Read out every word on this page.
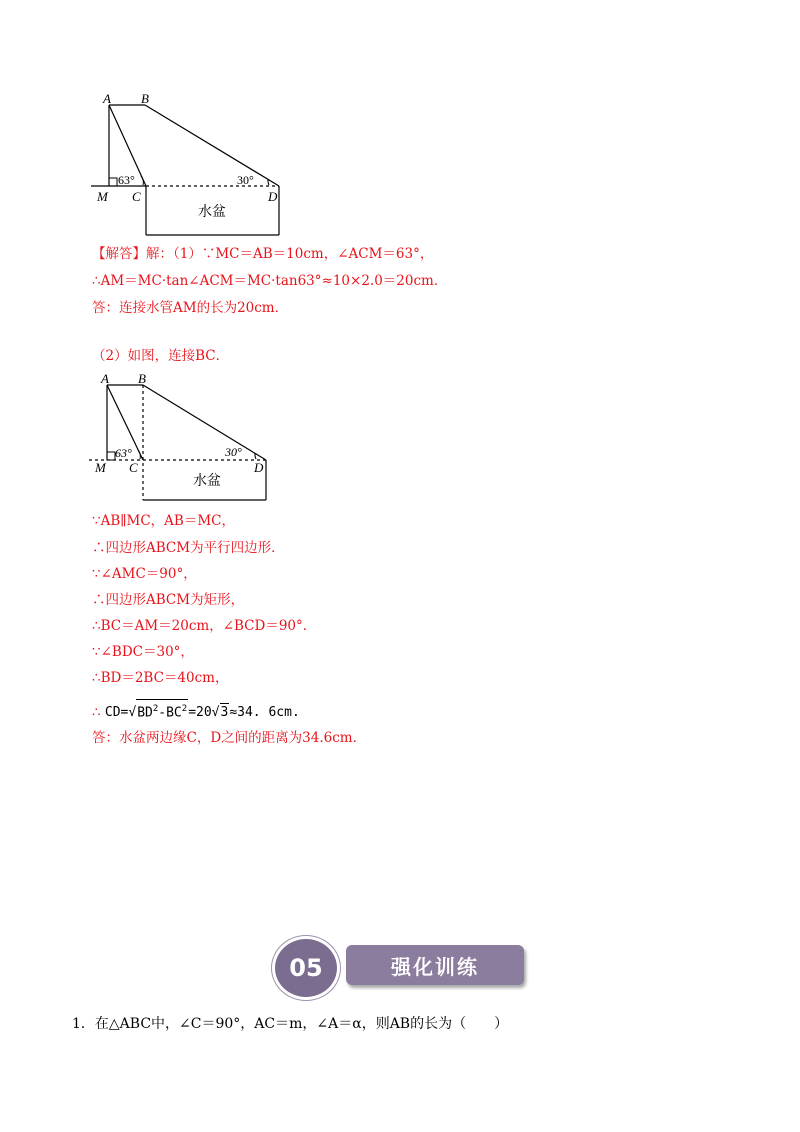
A B
M C	D
63°	30°
水盆
【解答】解：（1）∵MC＝AB＝10cm，∠ACM＝63°，
∴AM＝MC·tan∠ACM＝MC·tan63°≈10×2.0＝20cm．
答：连接水管AM的长为20cm．
（2）如图，连接BC．
A B
M C	D
63°	30°
水盆
∵AB∥MC，AB＝MC，
∴四边形ABCM为平行四边形．
∵∠AMC＝90°，
∴四边形ABCM为矩形，
∴BC＝AM＝20cm，∠BCD＝90°．
∵∠BDC＝30°，
∴BD＝2BC＝40cm，
∴ $CD=√BD^2-BC^2=20√3\approx 34$. 6cm.
答：水盆两边缘C，D之间的距离为34.6cm．
05	强化训练
1．在△ABC中，∠C＝90°，AC＝m，∠A＝α，则AB的长为（　　）
